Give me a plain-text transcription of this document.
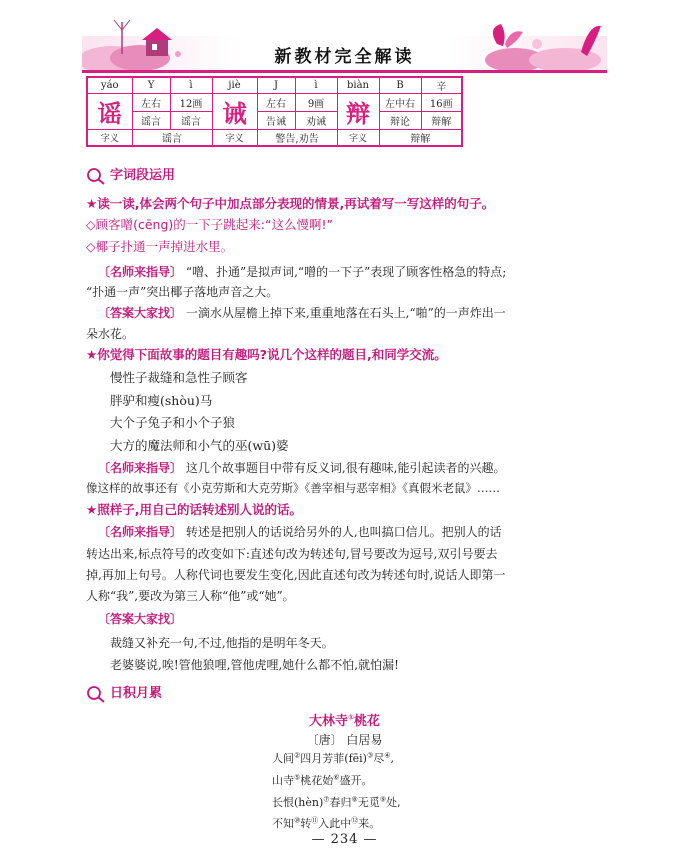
新教材完全解读
yáo	Y	ì	jiè	J	ì	biàn	B	辛
谣	左右	12画	诫	左右	9画	辩	左中右	16画
	谣言	谣言		告诫	劝诫		辩论	辩解
字义	谣言		字义	警告,劝告		字义	辩解	
字词段运用
★读一读,体会两个句子中加点部分表现的情景,再试着写一写这样的句子。
◇顾客噌(cēng)的一下子跳起来:“这么慢啊!”
◇椰子扑通一声掉进水里。
〔名师来指导〕 “噌、扑通”是拟声词,“噌的一下子”表现了顾客性格急的特点;
“扑通一声”突出椰子落地声音之大。
〔答案大家找〕 一滴水从屋檐上掉下来,重重地落在石头上,“啪”的一声炸出一
朵水花。
★你觉得下面故事的题目有趣吗?说几个这样的题目,和同学交流。
慢性子裁缝和急性子顾客
胖驴和瘦(shòu)马
大个子兔子和小个子狼
大方的魔法师和小气的巫(wū)婆
〔名师来指导〕 这几个故事题目中带有反义词,很有趣味,能引起读者的兴趣。
像这样的故事还有《小克劳斯和大克劳斯》《善宰相与恶宰相》《真假米老鼠》……
★照样子,用自己的话转述别人说的话。
〔名师来指导〕 转述是把别人的话说给另外的人,也叫搞口信儿。把别人的话
转达出来,标点符号的改变如下:直述句改为转述句,冒号要改为逗号,双引号要去
掉,再加上句号。人称代词也要发生变化,因此直述句改为转述句时,说话人即第一
人称“我”,要改为第三人称“他”或“她”。
〔答案大家找〕
裁缝又补充一句,不过,他指的是明年冬天。
老婆婆说,唉!管他狼哩,管他虎哩,她什么都不怕,就怕漏!
日积月累
大林寺①桃花
〔唐〕 白居易
人间②四月芳菲(fēi)③尽④,
山寺⑤桃花始⑥盛开。
长恨(hèn)⑦春归⑧无觅⑨处,
不知⑩转⑪入此中⑫来。
— 234 —
